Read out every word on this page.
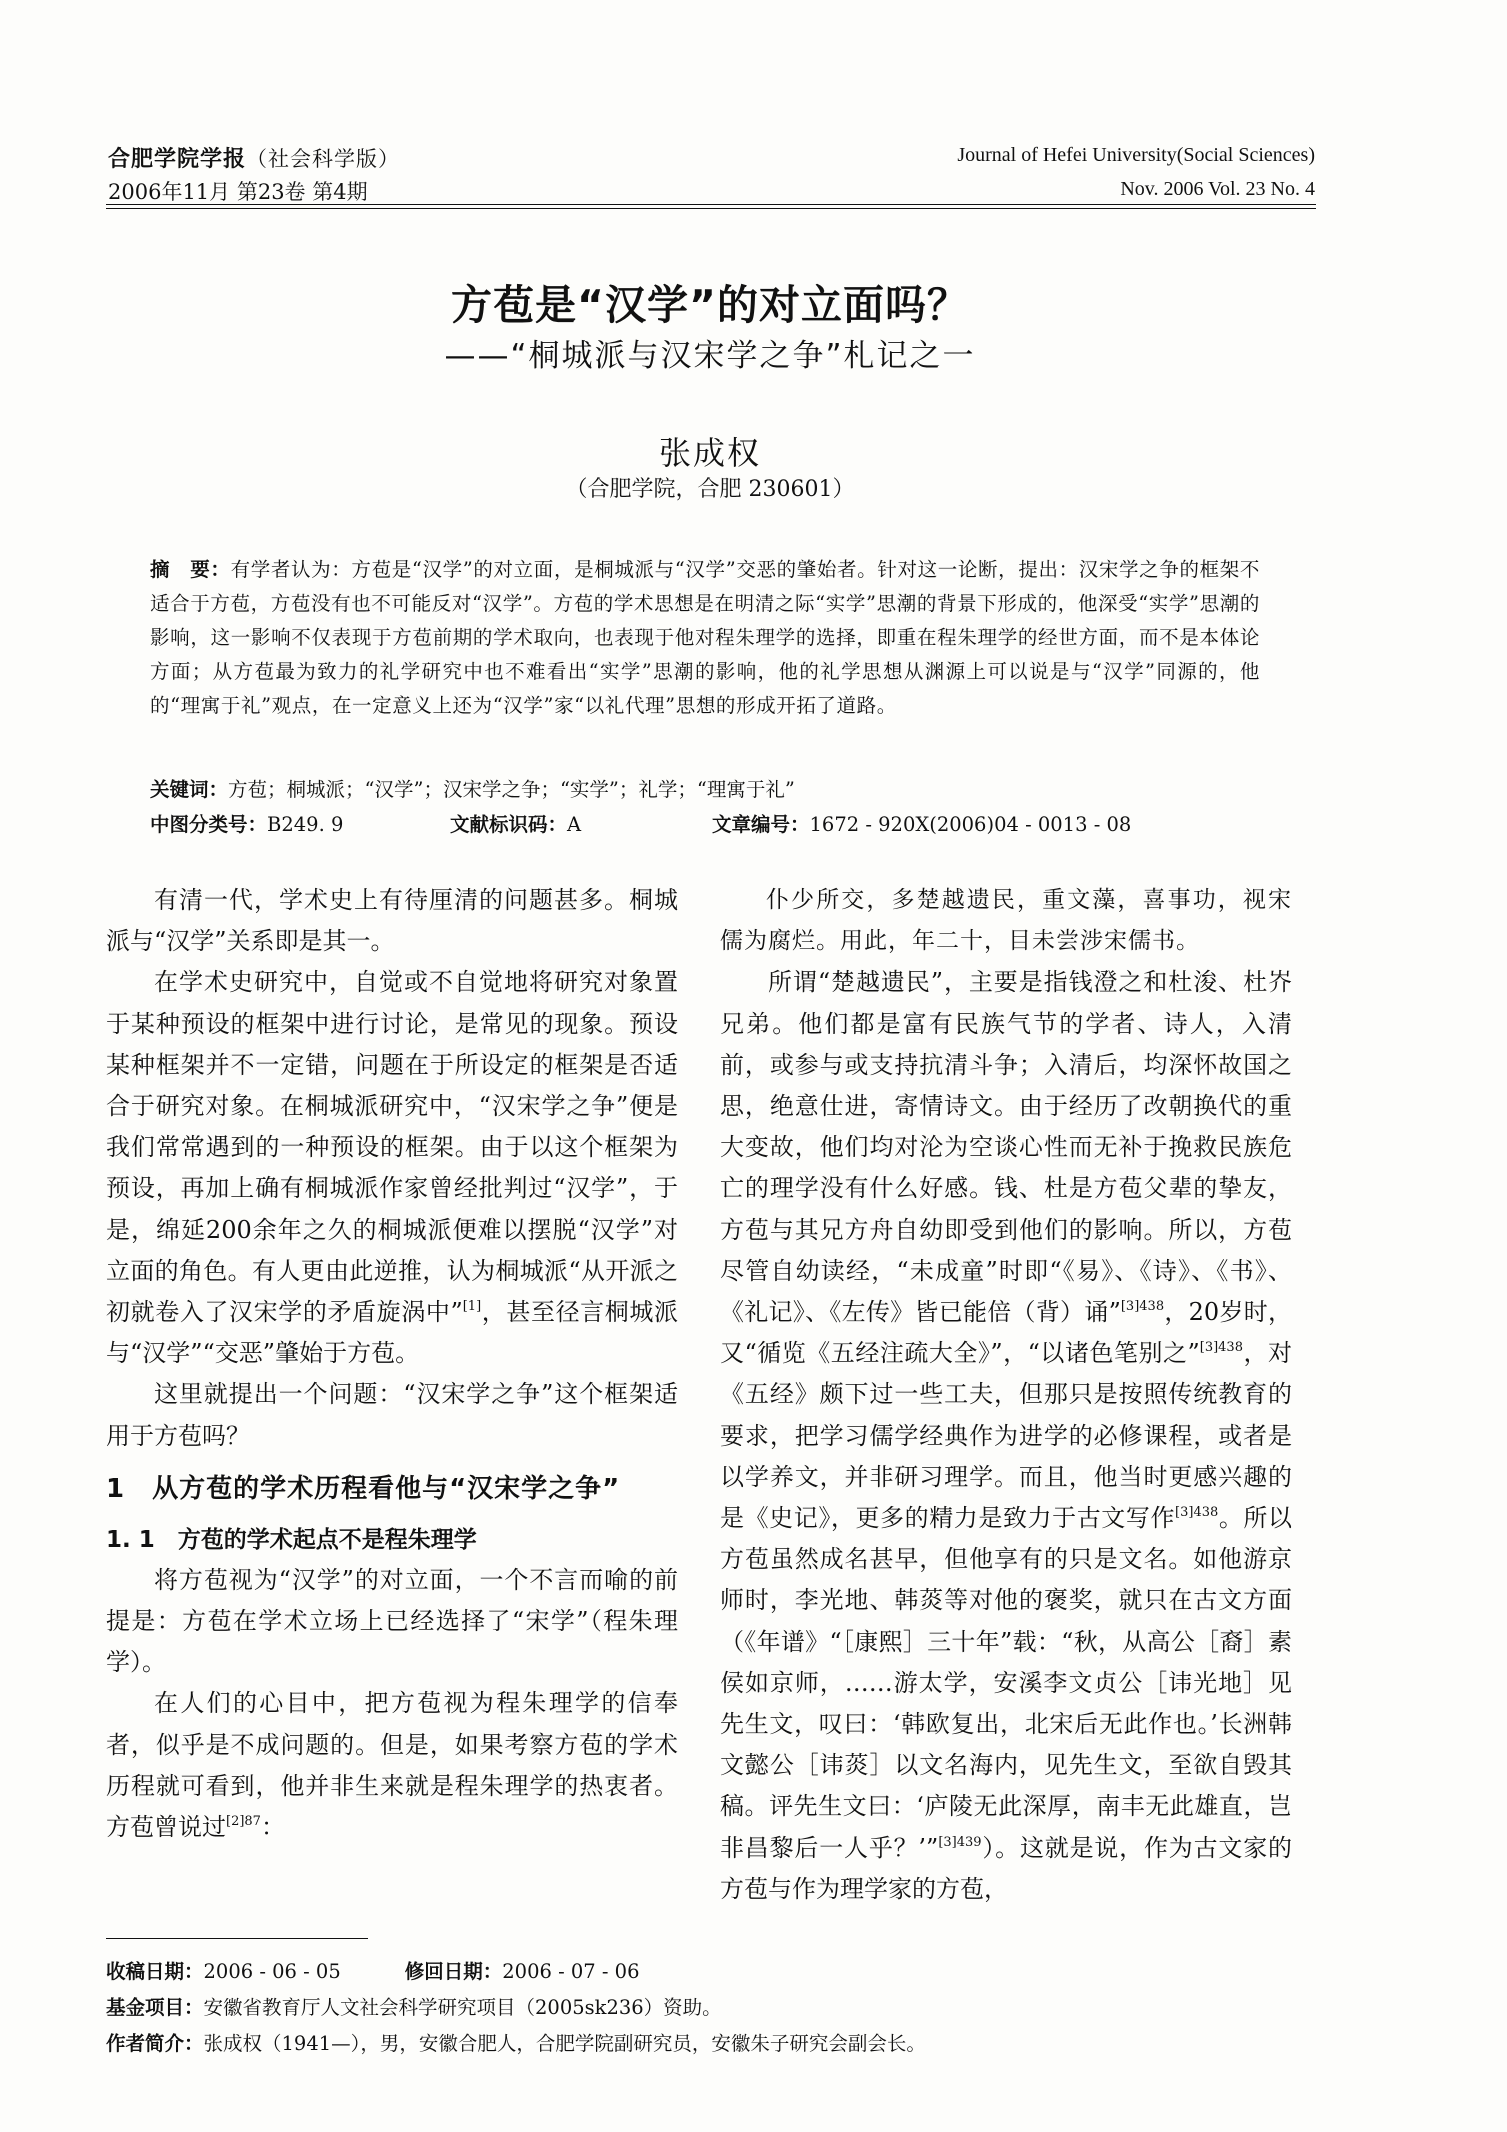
合肥学院学报（社会科学版）	Journal of Hefei University(Social Sciences)
2006年11月 第23卷 第4期	Nov. 2006 Vol. 23 No. 4
方苞是“汉学”的对立面吗？
——“桐城派与汉宋学之争”札记之一
张成权
（合肥学院，合肥 230601）
摘　要：有学者认为：方苞是“汉学”的对立面，是桐城派与“汉学”交恶的肇始者。针对这一论断，提出：汉宋学之争的框架不适合于方苞，方苞没有也不可能反对“汉学”。方苞的学术思想是在明清之际“实学”思潮的背景下形成的，他深受“实学”思潮的影响，这一影响不仅表现于方苞前期的学术取向，也表现于他对程朱理学的选择，即重在程朱理学的经世方面，而不是本体论方面；从方苞最为致力的礼学研究中也不难看出“实学”思潮的影响，他的礼学思想从渊源上可以说是与“汉学”同源的，他的“理寓于礼”观点，在一定意义上还为“汉学”家“以礼代理”思想的形成开拓了道路。
关键词：方苞；桐城派；“汉学”；汉宋学之争；“实学”；礼学；“理寓于礼”
中图分类号：B249. 9	文献标识码：A	文章编号：1672 - 920X(2006)04 - 0013 - 08

有清一代，学术史上有待厘清的问题甚多。桐城派与“汉学”关系即是其一。

在学术史研究中，自觉或不自觉地将研究对象置于某种预设的框架中进行讨论，是常见的现象。预设某种框架并不一定错，问题在于所设定的框架是否适合于研究对象。在桐城派研究中，“汉宋学之争”便是我们常常遇到的一种预设的框架。由于以这个框架为预设，再加上确有桐城派作家曾经批判过“汉学”，于是，绵延200余年之久的桐城派便难以摆脱“汉学”对立面的角色。有人更由此逆推，认为桐城派“从开派之初就卷入了汉宋学的矛盾旋涡中”[1]，甚至径言桐城派与“汉学”“交恶”肇始于方苞。

这里就提出一个问题：“汉宋学之争”这个框架适用于方苞吗？

1　从方苞的学术历程看他与“汉宋学之争”
1. 1　方苞的学术起点不是程朱理学

将方苞视为“汉学”的对立面，一个不言而喻的前提是：方苞在学术立场上已经选择了“宋学”（程朱理学）。

在人们的心目中，把方苞视为程朱理学的信奉者，似乎是不成问题的。但是，如果考察方苞的学术历程就可看到，他并非生来就是程朱理学的热衷者。方苞曾说过$^{[2]87}$：

仆少所交，多楚越遗民，重文藻，喜事功，视宋儒为腐烂。用此，年二十，目未尝涉宋儒书。

所谓“楚越遗民”，主要是指钱澄之和杜浚、杜岕兄弟。他们都是富有民族气节的学者、诗人，入清前，或参与或支持抗清斗争；入清后，均深怀故国之思，绝意仕进，寄情诗文。由于经历了改朝换代的重大变故，他们均对沦为空谈心性而无补于挽救民族危亡的理学没有什么好感。钱、杜是方苞父辈的挚友，方苞与其兄方舟自幼即受到他们的影响。所以，方苞尽管自幼读经，“未成童”时即“《易》、《诗》、《书》、《礼记》、《左传》皆已能倍（背）诵”$^{[3]438}$，20岁时，又“循览《五经注疏大全》”，“以诸色笔别之”$^{[3]438}$，对《五经》颇下过一些工夫，但那只是按照传统教育的要求，把学习儒学经典作为进学的必修课程，或者是以学养文，并非研习理学。而且，他当时更感兴趣的是《史记》，更多的精力是致力于古文写作$^{[3]438}$。所以方苞虽然成名甚早，但他享有的只是文名。如他游京师时，李光地、韩菼等对他的褒奖，就只在古文方面（《年谱》“［康熙］三十年”载：“秋，从高公［裔］素侯如京师，……游太学，安溪李文贞公［讳光地］见先生文，叹曰：‘韩欧复出，北宋后无此作也。’长洲韩文懿公［讳菼］以文名海内，见先生文，至欲自毁其稿。评先生文曰：‘庐陵无此深厚，南丰无此雄直，岂非昌黎后一人乎？’”$^{[3]439}$）。这就是说，作为古文家的方苞与作为理学家的方苞，

收稿日期：2006 - 06 - 05	修回日期：2006 - 07 - 06
基金项目：安徽省教育厅人文社会科学研究项目（2005sk236）资助。
作者简介：张成权（1941—），男，安徽合肥人，合肥学院副研究员，安徽朱子研究会副会长。
